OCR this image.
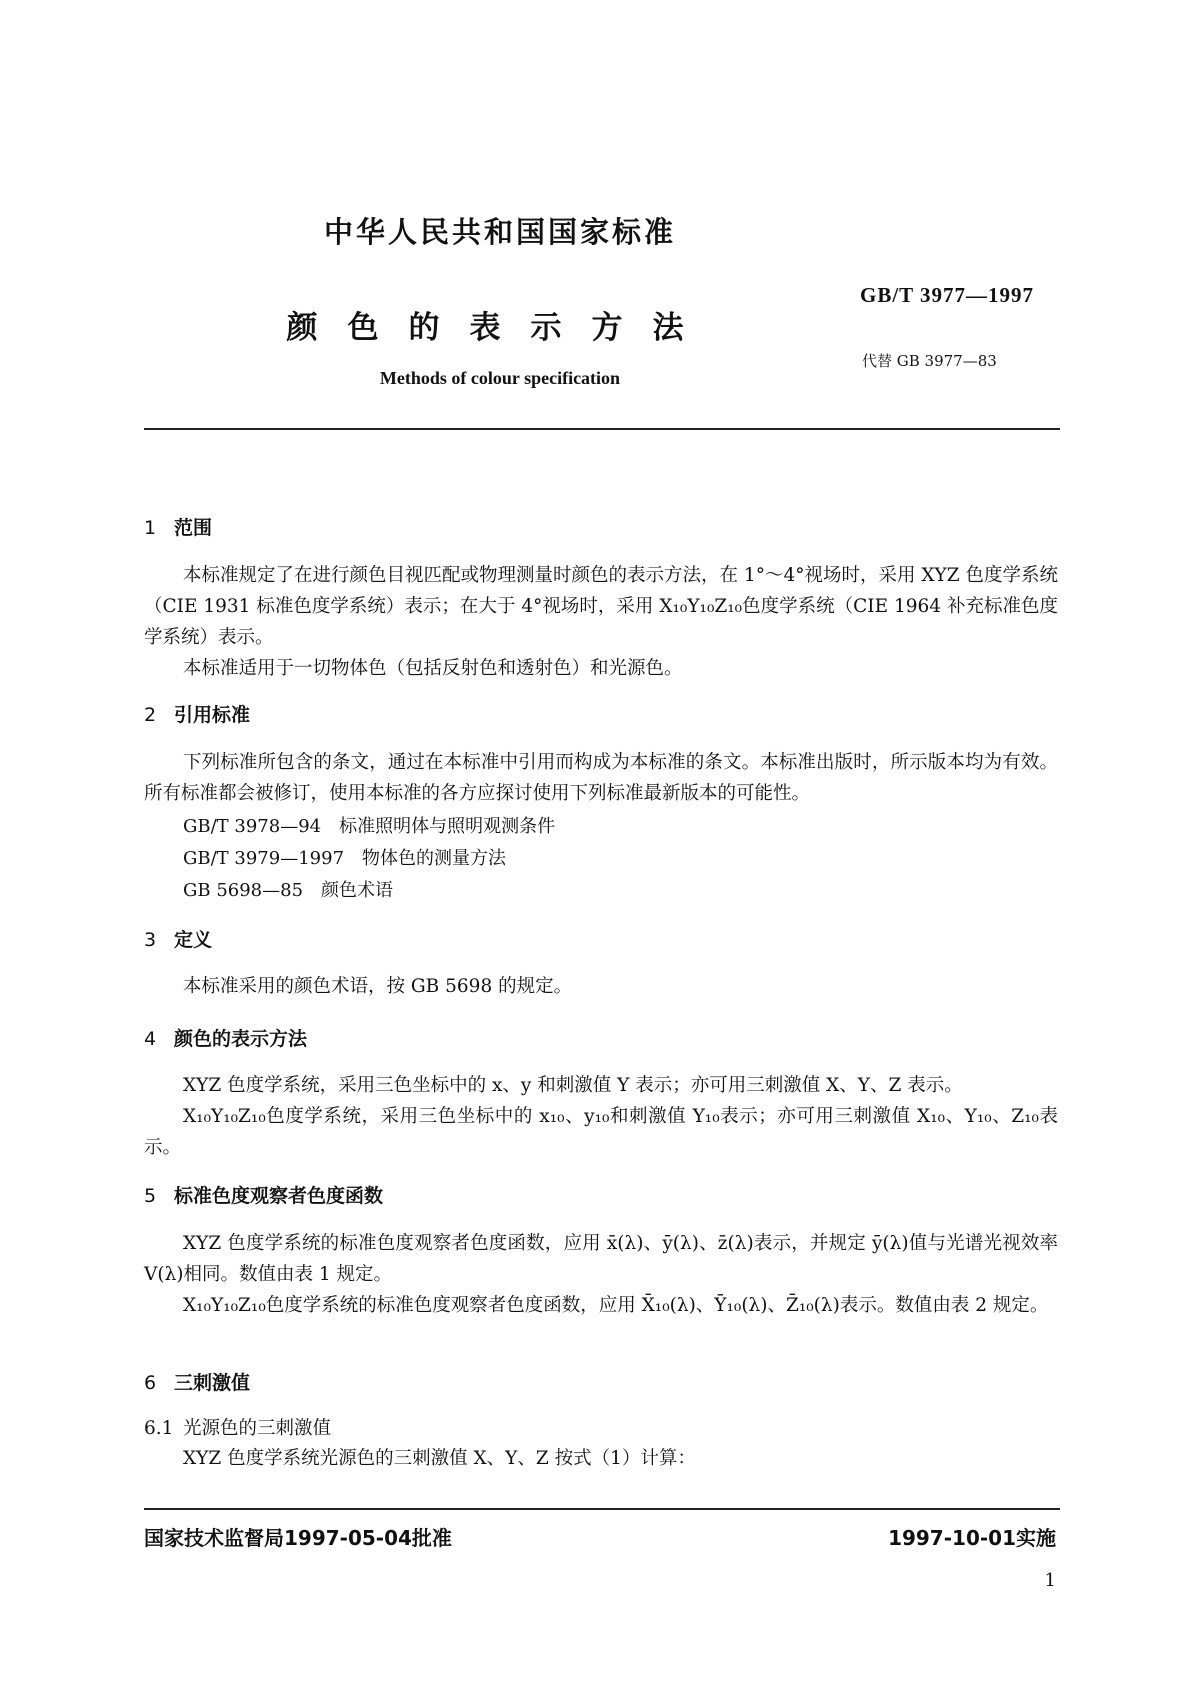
中华人民共和国国家标准
颜色的表示方法
Methods of colour specification
GB/T 3977—1997
代替 GB 3977—83
1 范围

本标准规定了在进行颜色目视匹配或物理测量时颜色的表示方法，在 1°～4°视场时，采用 XYZ 色度学系统（CIE 1931 标准色度学系统）表示；在大于 4°视场时，采用 X₁₀Y₁₀Z₁₀色度学系统（CIE 1964 补充标准色度学系统）表示。

本标准适用于一切物体色（包括反射色和透射色）和光源色。

2 引用标准

下列标准所包含的条文，通过在本标准中引用而构成为本标准的条文。本标准出版时，所示版本均为有效。所有标准都会被修订，使用本标准的各方应探讨使用下列标准最新版本的可能性。

GB/T 3978—94 标准照明体与照明观测条件
GB/T 3979—1997 物体色的测量方法
GB 5698—85 颜色术语
3 定义

本标准采用的颜色术语，按 GB 5698 的规定。

4 颜色的表示方法

XYZ 色度学系统，采用三色坐标中的 x、y 和刺激值 Y 表示；亦可用三刺激值 X、Y、Z 表示。

X₁₀Y₁₀Z₁₀色度学系统，采用三色坐标中的 x₁₀、y₁₀和刺激值 Y₁₀表示；亦可用三刺激值 X₁₀、Y₁₀、Z₁₀表示。

5 标准色度观察者色度函数

XYZ 色度学系统的标准色度观察者色度函数，应用 x̄(λ)、ȳ(λ)、z̄(λ)表示，并规定 ȳ(λ)值与光谱光视效率 V(λ)相同。数值由表 1 规定。

X₁₀Y₁₀Z₁₀色度学系统的标准色度观察者色度函数，应用 X̄₁₀(λ)、Ȳ₁₀(λ)、Z̄₁₀(λ)表示。数值由表 2 规定。

6 三刺激值
6.1 光源色的三刺激值

XYZ 色度学系统光源色的三刺激值 X、Y、Z 按式（1）计算：

国家技术监督局1997-05-04批准	1997-10-01实施
1
